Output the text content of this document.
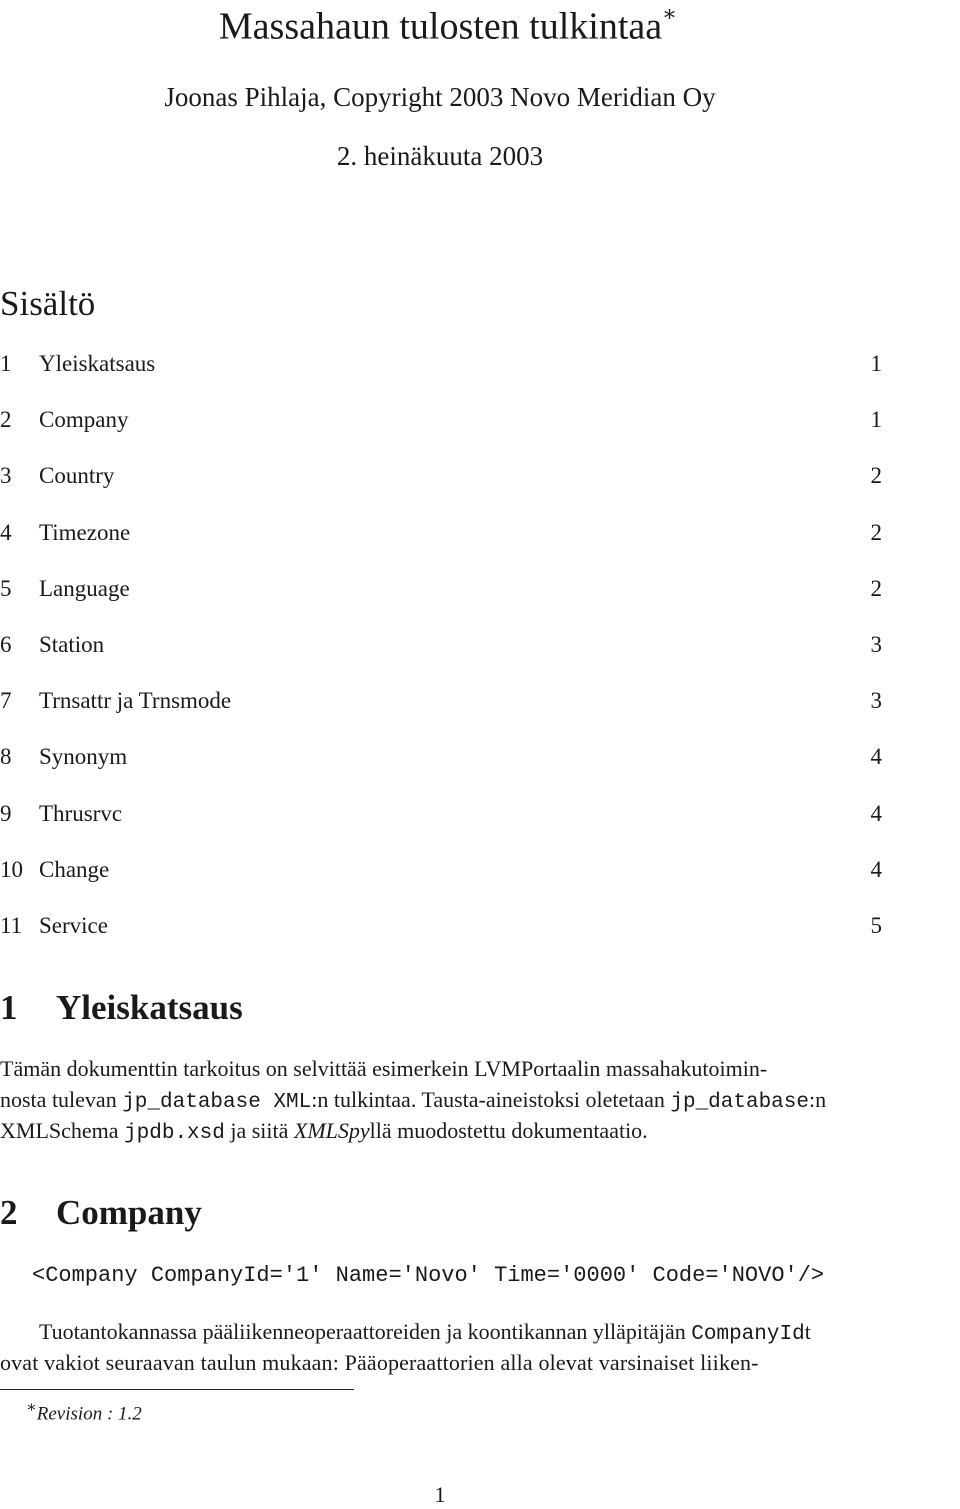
Massahaun tulosten tulkintaa∗
Joonas Pihlaja, Copyright 2003 Novo Meridian Oy
2. heinäkuuta 2003
Sisältö
1 Yleiskatsaus	1
2 Company	1
3 Country	2
4 Timezone	2
5 Language	2
6 Station	3
7 Trnsattr ja Trnsmode	3
8 Synonym	4
9 Thrusrvc	4
10 Change	4
11 Service	5
1 Yleiskatsaus
Tämän dokumenttin tarkoitus on selvittää esimerkein LVMPortaalin massahakutoimin-
nosta tulevan jp_database XML:n tulkintaa. Tausta-aineistoksi oletetaan jp_database:n
XMLSchema jpdb.xsd ja siitä XMLSpyllä muodostettu dokumentaatio.
2 Company
<Company CompanyId='1' Name='Novo' Time='0000' Code='NOVO'/>
Tuotantokannassa pääliikenneoperaattoreiden ja koontikannan ylläpitäjän CompanyIdt
ovat vakiot seuraavan taulun mukaan: Pääoperaattorien alla olevat varsinaiset liiken-
∗Revision : 1.2
1
